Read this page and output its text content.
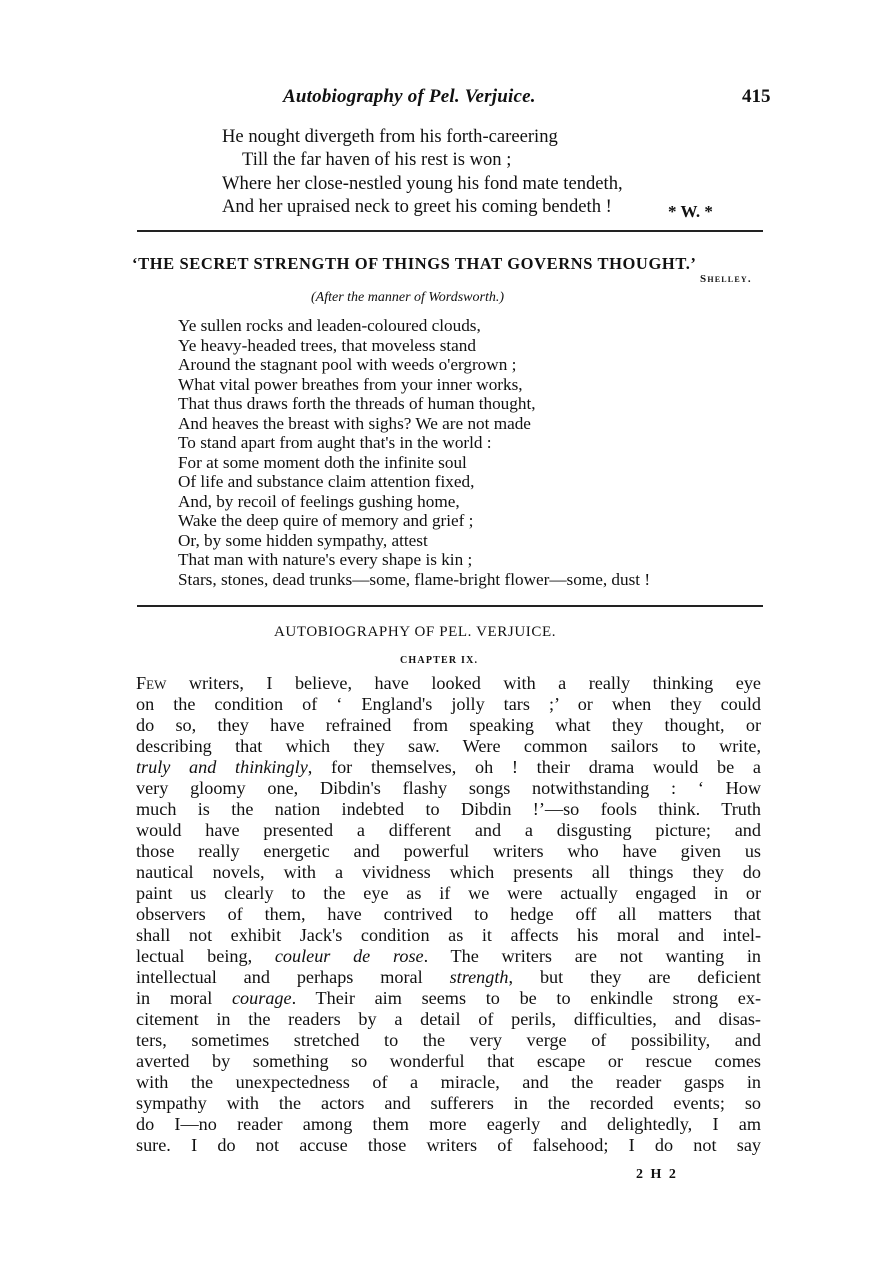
Autobiography of Pel. Verjuice.	415
He nought divergeth from his forth-careering
Till the far haven of his rest is won ;
Where her close-nestled young his fond mate tendeth,
And her upraised neck to greet his coming bendeth !	* W. *
‘THE SECRET STRENGTH OF THINGS THAT GOVERNS THOUGHT.’
Shelley.
(After the manner of Wordsworth.)
Ye sullen rocks and leaden-coloured clouds,
Ye heavy-headed trees, that moveless stand
Around the stagnant pool with weeds o'ergrown ;
What vital power breathes from your inner works,
That thus draws forth the threads of human thought,
And heaves the breast with sighs? We are not made
To stand apart from aught that's in the world :
For at some moment doth the infinite soul
Of life and substance claim attention fixed,
And, by recoil of feelings gushing home,
Wake the deep quire of memory and grief ;
Or, by some hidden sympathy, attest
That man with nature's every shape is kin ;
Stars, stones, dead trunks—some, flame-bright flower—some, dust !
AUTOBIOGRAPHY OF PEL. VERJUICE.
CHAPTER IX.
Few writers, I believe, have looked with a really thinking eye
on the condition of ‘ England's jolly tars ;’ or when they could
do so, they have refrained from speaking what they thought, or
describing that which they saw. Were common sailors to write,
truly and thinkingly, for themselves, oh ! their drama would be a
very gloomy one, Dibdin's flashy songs notwithstanding : ‘ How
much is the nation indebted to Dibdin !’—so fools think. Truth
would have presented a different and a disgusting picture; and
those really energetic and powerful writers who have given us
nautical novels, with a vividness which presents all things they do
paint us clearly to the eye as if we were actually engaged in or
observers of them, have contrived to hedge off all matters that
shall not exhibit Jack's condition as it affects his moral and intel-
lectual being, couleur de rose. The writers are not wanting in
intellectual and perhaps moral strength, but they are deficient
in moral courage. Their aim seems to be to enkindle strong ex-
citement in the readers by a detail of perils, difficulties, and disas-
ters, sometimes stretched to the very verge of possibility, and
averted by something so wonderful that escape or rescue comes
with the unexpectedness of a miracle, and the reader gasps in
sympathy with the actors and sufferers in the recorded events; so
do I—no reader among them more eagerly and delightedly, I am
sure. I do not accuse those writers of falsehood; I do not say
2 H 2
